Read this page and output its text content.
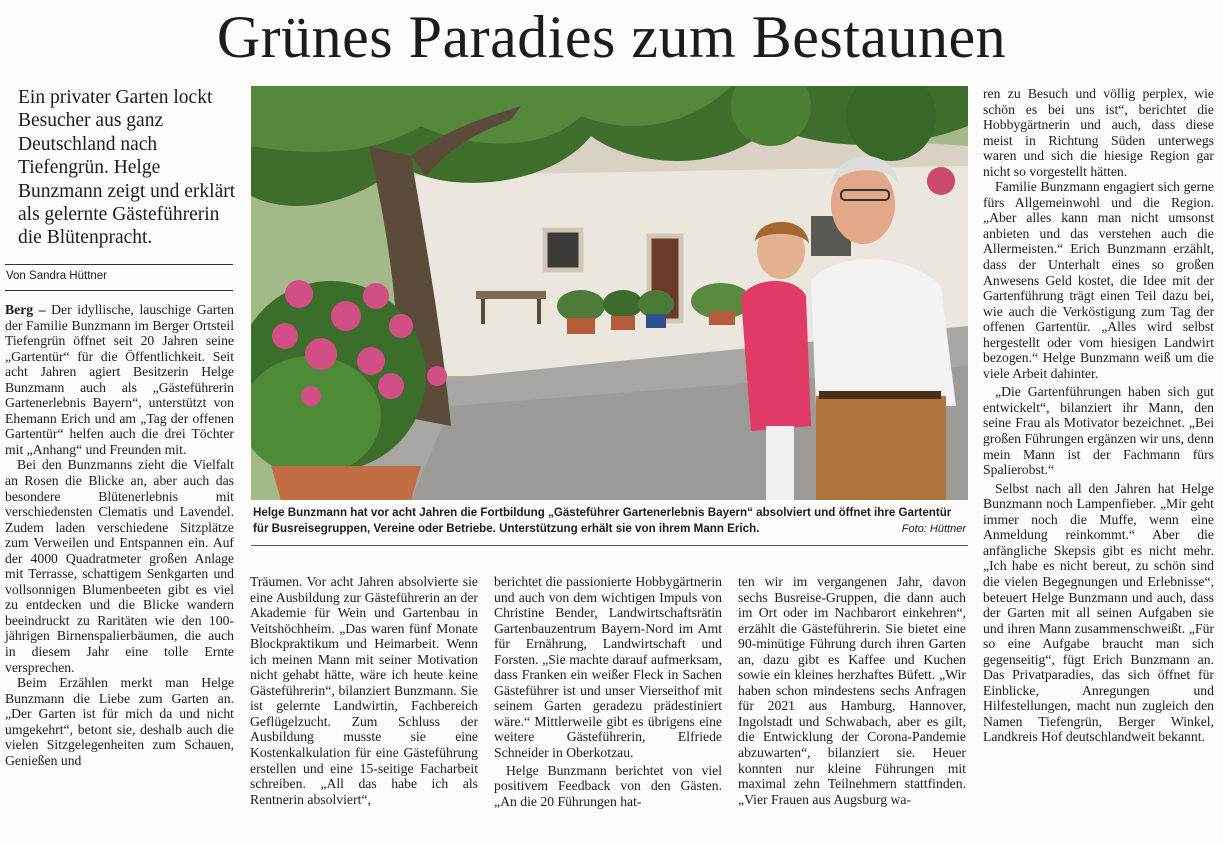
Grünes Paradies zum Bestaunen
Ein privater Garten lockt Besucher aus ganz Deutschland nach Tiefengrün. Helge Bunzmann zeigt und erklärt als gelernte Gästeführerin die Blütenpracht.
Von Sandra Hüttner

Berg – Der idyllische, lauschige Garten der Familie Bunzmann im Berger Ortsteil Tiefengrün öffnet seit 20 Jahren seine „Gartentür“ für die Öffentlichkeit. Seit acht Jahren agiert Besitzerin Helge Bunzmann auch als „Gästeführerin Gartenerlebnis Bayern“, unterstützt von Ehemann Erich und am „Tag der offenen Gartentür“ helfen auch die drei Töchter mit „Anhang“ und Freunden mit.

Bei den Bunzmanns zieht die Vielfalt an Rosen die Blicke an, aber auch das besondere Blütenerlebnis mit verschiedensten Clematis und Lavendel. Zudem laden verschiedene Sitzplätze zum Verweilen und Entspannen ein. Auf der 4000 Quadratmeter großen Anlage mit Terrasse, schattigem Senkgarten und vollsonnigen Blumenbeeten gibt es viel zu entdecken und die Blicke wandern beeindruckt zu Raritäten wie den 100-jährigen Birnenspalierbäumen, die auch in diesem Jahr eine tolle Ernte versprechen.

Beim Erzählen merkt man Helge Bunzmann die Liebe zum Garten an. „Der Garten ist für mich da und nicht umgekehrt“, betont sie, deshalb auch die vielen Sitzgelegenheiten zum Schauen, Genießen und

Helge Bunzmann hat vor acht Jahren die Fortbildung „Gästeführer Gartenerlebnis Bayern“ absolviert und öffnet ihre Gartentür für Busreisegruppen, Vereine oder Betriebe. Unterstützung erhält sie von ihrem Mann Erich.	Foto: Hüttner

Träumen. Vor acht Jahren absolvierte sie eine Ausbildung zur Gästeführerin an der Akademie für Wein und Gartenbau in Veitshöchheim. „Das waren fünf Monate Blockpraktikum und Heimarbeit. Wenn ich meinen Mann mit seiner Motivation nicht gehabt hätte, wäre ich heute keine Gästeführerin“, bilanziert Bunzmann. Sie ist gelernte Landwirtin, Fachbereich Geflügelzucht. Zum Schluss der Ausbildung musste sie eine Kostenkalkulation für eine Gästeführung erstellen und eine 15-seitige Facharbeit schreiben. „All das habe ich als Rentnerin absolviert“,

berichtet die passionierte Hobbygärtnerin und auch von dem wichtigen Impuls von Christine Bender, Landwirtschaftsrätin Gartenbauzentrum Bayern-Nord im Amt für Ernährung, Landwirtschaft und Forsten. „Sie machte darauf aufmerksam, dass Franken ein weißer Fleck in Sachen Gästeführer ist und unser Vierseithof mit seinem Garten geradezu prädestiniert wäre.“ Mittlerweile gibt es übrigens eine weitere Gästeführerin, Elfriede Schneider in Oberkotzau.

Helge Bunzmann berichtet von viel positivem Feedback von den Gästen. „An die 20 Führungen hat-

ten wir im vergangenen Jahr, davon sechs Busreise-Gruppen, die dann auch im Ort oder im Nachbarort einkehren“, erzählt die Gästeführerin. Sie bietet eine 90-minütige Führung durch ihren Garten an, dazu gibt es Kaffee und Kuchen sowie ein kleines herzhaftes Büfett. „Wir haben schon mindestens sechs Anfragen für 2021 aus Hamburg, Hannover, Ingolstadt und Schwabach, aber es gilt, die Entwicklung der Corona-Pandemie abzuwarten“, bilanziert sie. Heuer konnten nur kleine Führungen mit maximal zehn Teilnehmern stattfinden. „Vier Frauen aus Augsburg wa-

ren zu Besuch und völlig perplex, wie schön es bei uns ist“, berichtet die Hobbygärtnerin und auch, dass diese meist in Richtung Süden unterwegs waren und sich die hiesige Region gar nicht so vorgestellt hätten.

Familie Bunzmann engagiert sich gerne fürs Allgemeinwohl und die Region. „Aber alles kann man nicht umsonst anbieten und das verstehen auch die Allermeisten.“ Erich Bunzmann erzählt, dass der Unterhalt eines so großen Anwesens Geld kostet, die Idee mit der Gartenführung trägt einen Teil dazu bei, wie auch die Verköstigung zum Tag der offenen Gartentür. „Alles wird selbst hergestellt oder vom hiesigen Landwirt bezogen.“ Helge Bunzmann weiß um die viele Arbeit dahinter.

„Die Gartenführungen haben sich gut entwickelt“, bilanziert ihr Mann, den seine Frau als Motivator bezeichnet. „Bei großen Führungen ergänzen wir uns, denn mein Mann ist der Fachmann fürs Spalierobst.“

Selbst nach all den Jahren hat Helge Bunzmann noch Lampenfieber. „Mir geht immer noch die Muffe, wenn eine Anmeldung reinkommt.“ Aber die anfängliche Skepsis gibt es nicht mehr. „Ich habe es nicht bereut, zu schön sind die vielen Begegnungen und Erlebnisse“, beteuert Helge Bunzmann und auch, dass der Garten mit all seinen Aufgaben sie und ihren Mann zusammenschweißt. „Für so eine Aufgabe braucht man sich gegenseitig“, fügt Erich Bunzmann an. Das Privatparadies, das sich öffnet für Einblicke, Anregungen und Hilfestellungen, macht nun zugleich den Namen Tiefengrün, Berger Winkel, Landkreis Hof deutschlandweit bekannt.
